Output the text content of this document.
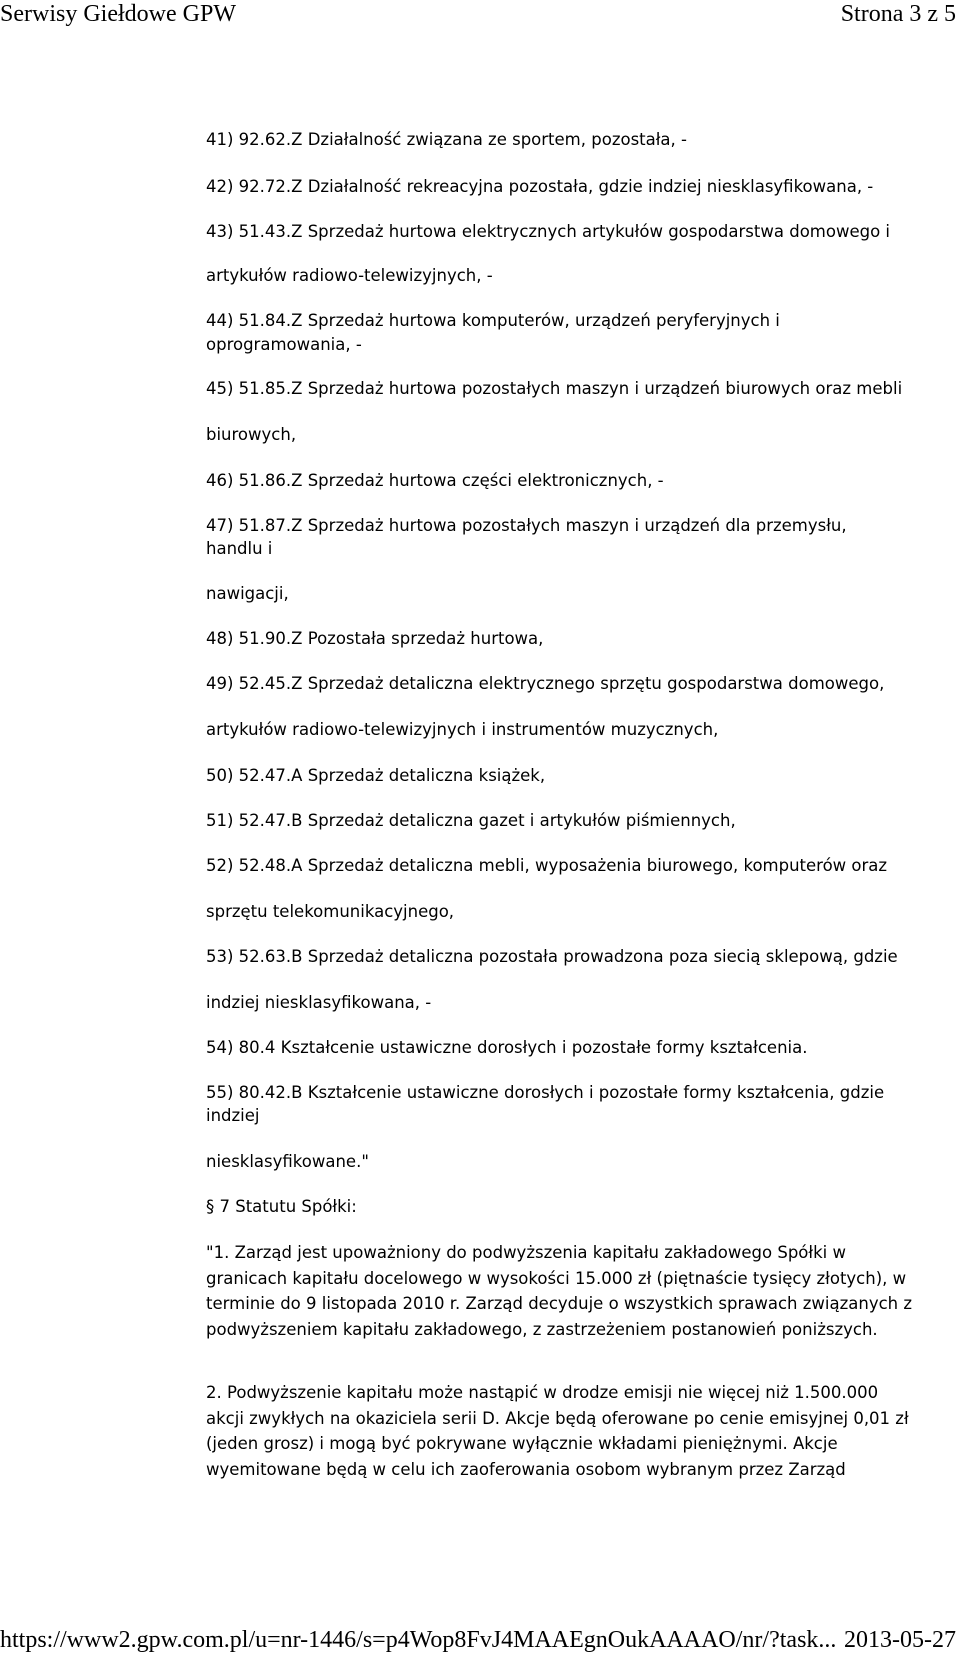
Serwisy Giełdowe GPW	Strona 3 z 5
41) 92.62.Z Działalność związana ze sportem, pozostała, -
42) 92.72.Z Działalność rekreacyjna pozostała, gdzie indziej niesklasyfikowana, -
43) 51.43.Z Sprzedaż hurtowa elektrycznych artykułów gospodarstwa domowego i
artykułów radiowo-telewizyjnych, -
44) 51.84.Z Sprzedaż hurtowa komputerów, urządzeń peryferyjnych i
oprogramowania, -
45) 51.85.Z Sprzedaż hurtowa pozostałych maszyn i urządzeń biurowych oraz mebli
biurowych,
46) 51.86.Z Sprzedaż hurtowa części elektronicznych, -
47) 51.87.Z Sprzedaż hurtowa pozostałych maszyn i urządzeń dla przemysłu,
handlu i
nawigacji,
48) 51.90.Z Pozostała sprzedaż hurtowa,
49) 52.45.Z Sprzedaż detaliczna elektrycznego sprzętu gospodarstwa domowego,
artykułów radiowo-telewizyjnych i instrumentów muzycznych,
50) 52.47.A Sprzedaż detaliczna książek,
51) 52.47.B Sprzedaż detaliczna gazet i artykułów piśmiennych,
52) 52.48.A Sprzedaż detaliczna mebli, wyposażenia biurowego, komputerów oraz
sprzętu telekomunikacyjnego,
53) 52.63.B Sprzedaż detaliczna pozostała prowadzona poza siecią sklepową, gdzie
indziej niesklasyfikowana, -
54) 80.4 Kształcenie ustawiczne dorosłych i pozostałe formy kształcenia.
55) 80.42.B Kształcenie ustawiczne dorosłych i pozostałe formy kształcenia, gdzie
indziej
niesklasyfikowane."
§ 7 Statutu Spółki:
"1. Zarząd jest upoważniony do podwyższenia kapitału zakładowego Spółki w granicach kapitału docelowego w wysokości 15.000 zł (piętnaście tysięcy złotych), w terminie do 9 listopada 2010 r. Zarząd decyduje o wszystkich sprawach związanych z podwyższeniem kapitału zakładowego, z zastrzeżeniem postanowień poniższych.
2. Podwyższenie kapitału może nastąpić w drodze emisji nie więcej niż 1.500.000 akcji zwykłych na okaziciela serii D. Akcje będą oferowane po cenie emisyjnej 0,01 zł (jeden grosz) i mogą być pokrywane wyłącznie wkładami pieniężnymi. Akcje wyemitowane będą w celu ich zaoferowania osobom wybranym przez Zarząd
https://www2.gpw.com.pl/u=nr-1446/s=p4Wop8FvJ4MAAEgnOukAAAAO/nr/?task... 2013-05-27
